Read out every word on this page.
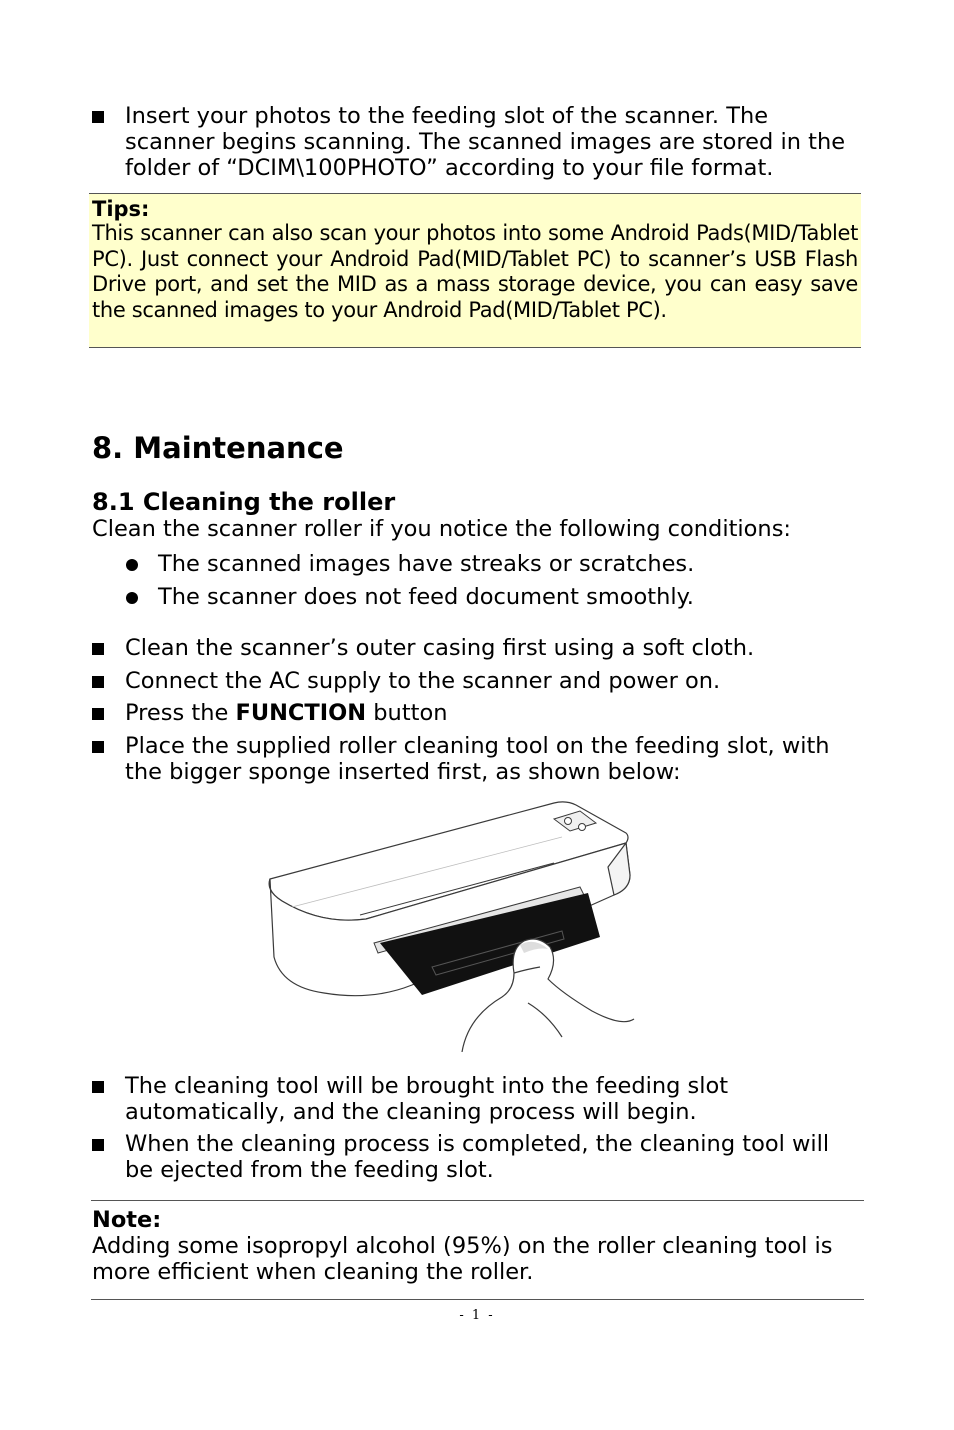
Insert your photos to the feeding slot of the scanner. The scanner begins scanning. The scanned images are stored in the folder of “DCIM\100PHOTO” according to your file format.
Tips:
This scanner can also scan your photos into some Android Pads(MID/Tablet PC). Just connect your Android Pad(MID/Tablet PC) to scanner’s USB Flash Drive port, and set the MID as a mass storage device, you can easy save the scanned images to your Android Pad(MID/Tablet PC).
8. Maintenance
8.1 Cleaning the roller
Clean the scanner roller if you notice the following conditions:
The scanned images have streaks or scratches.
The scanner does not feed document smoothly.
Clean the scanner’s outer casing first using a soft cloth.
Connect the AC supply to the scanner and power on.
Press the FUNCTION button
Place the supplied roller cleaning tool on the feeding slot, with the bigger sponge inserted first, as shown below:
The cleaning tool will be brought into the feeding slot automatically, and the cleaning process will begin.
When the cleaning process is completed, the cleaning tool will be ejected from the feeding slot.
Note:
Adding some isopropyl alcohol (95%) on the roller cleaning tool is more efficient when cleaning the roller.
- 1 -
